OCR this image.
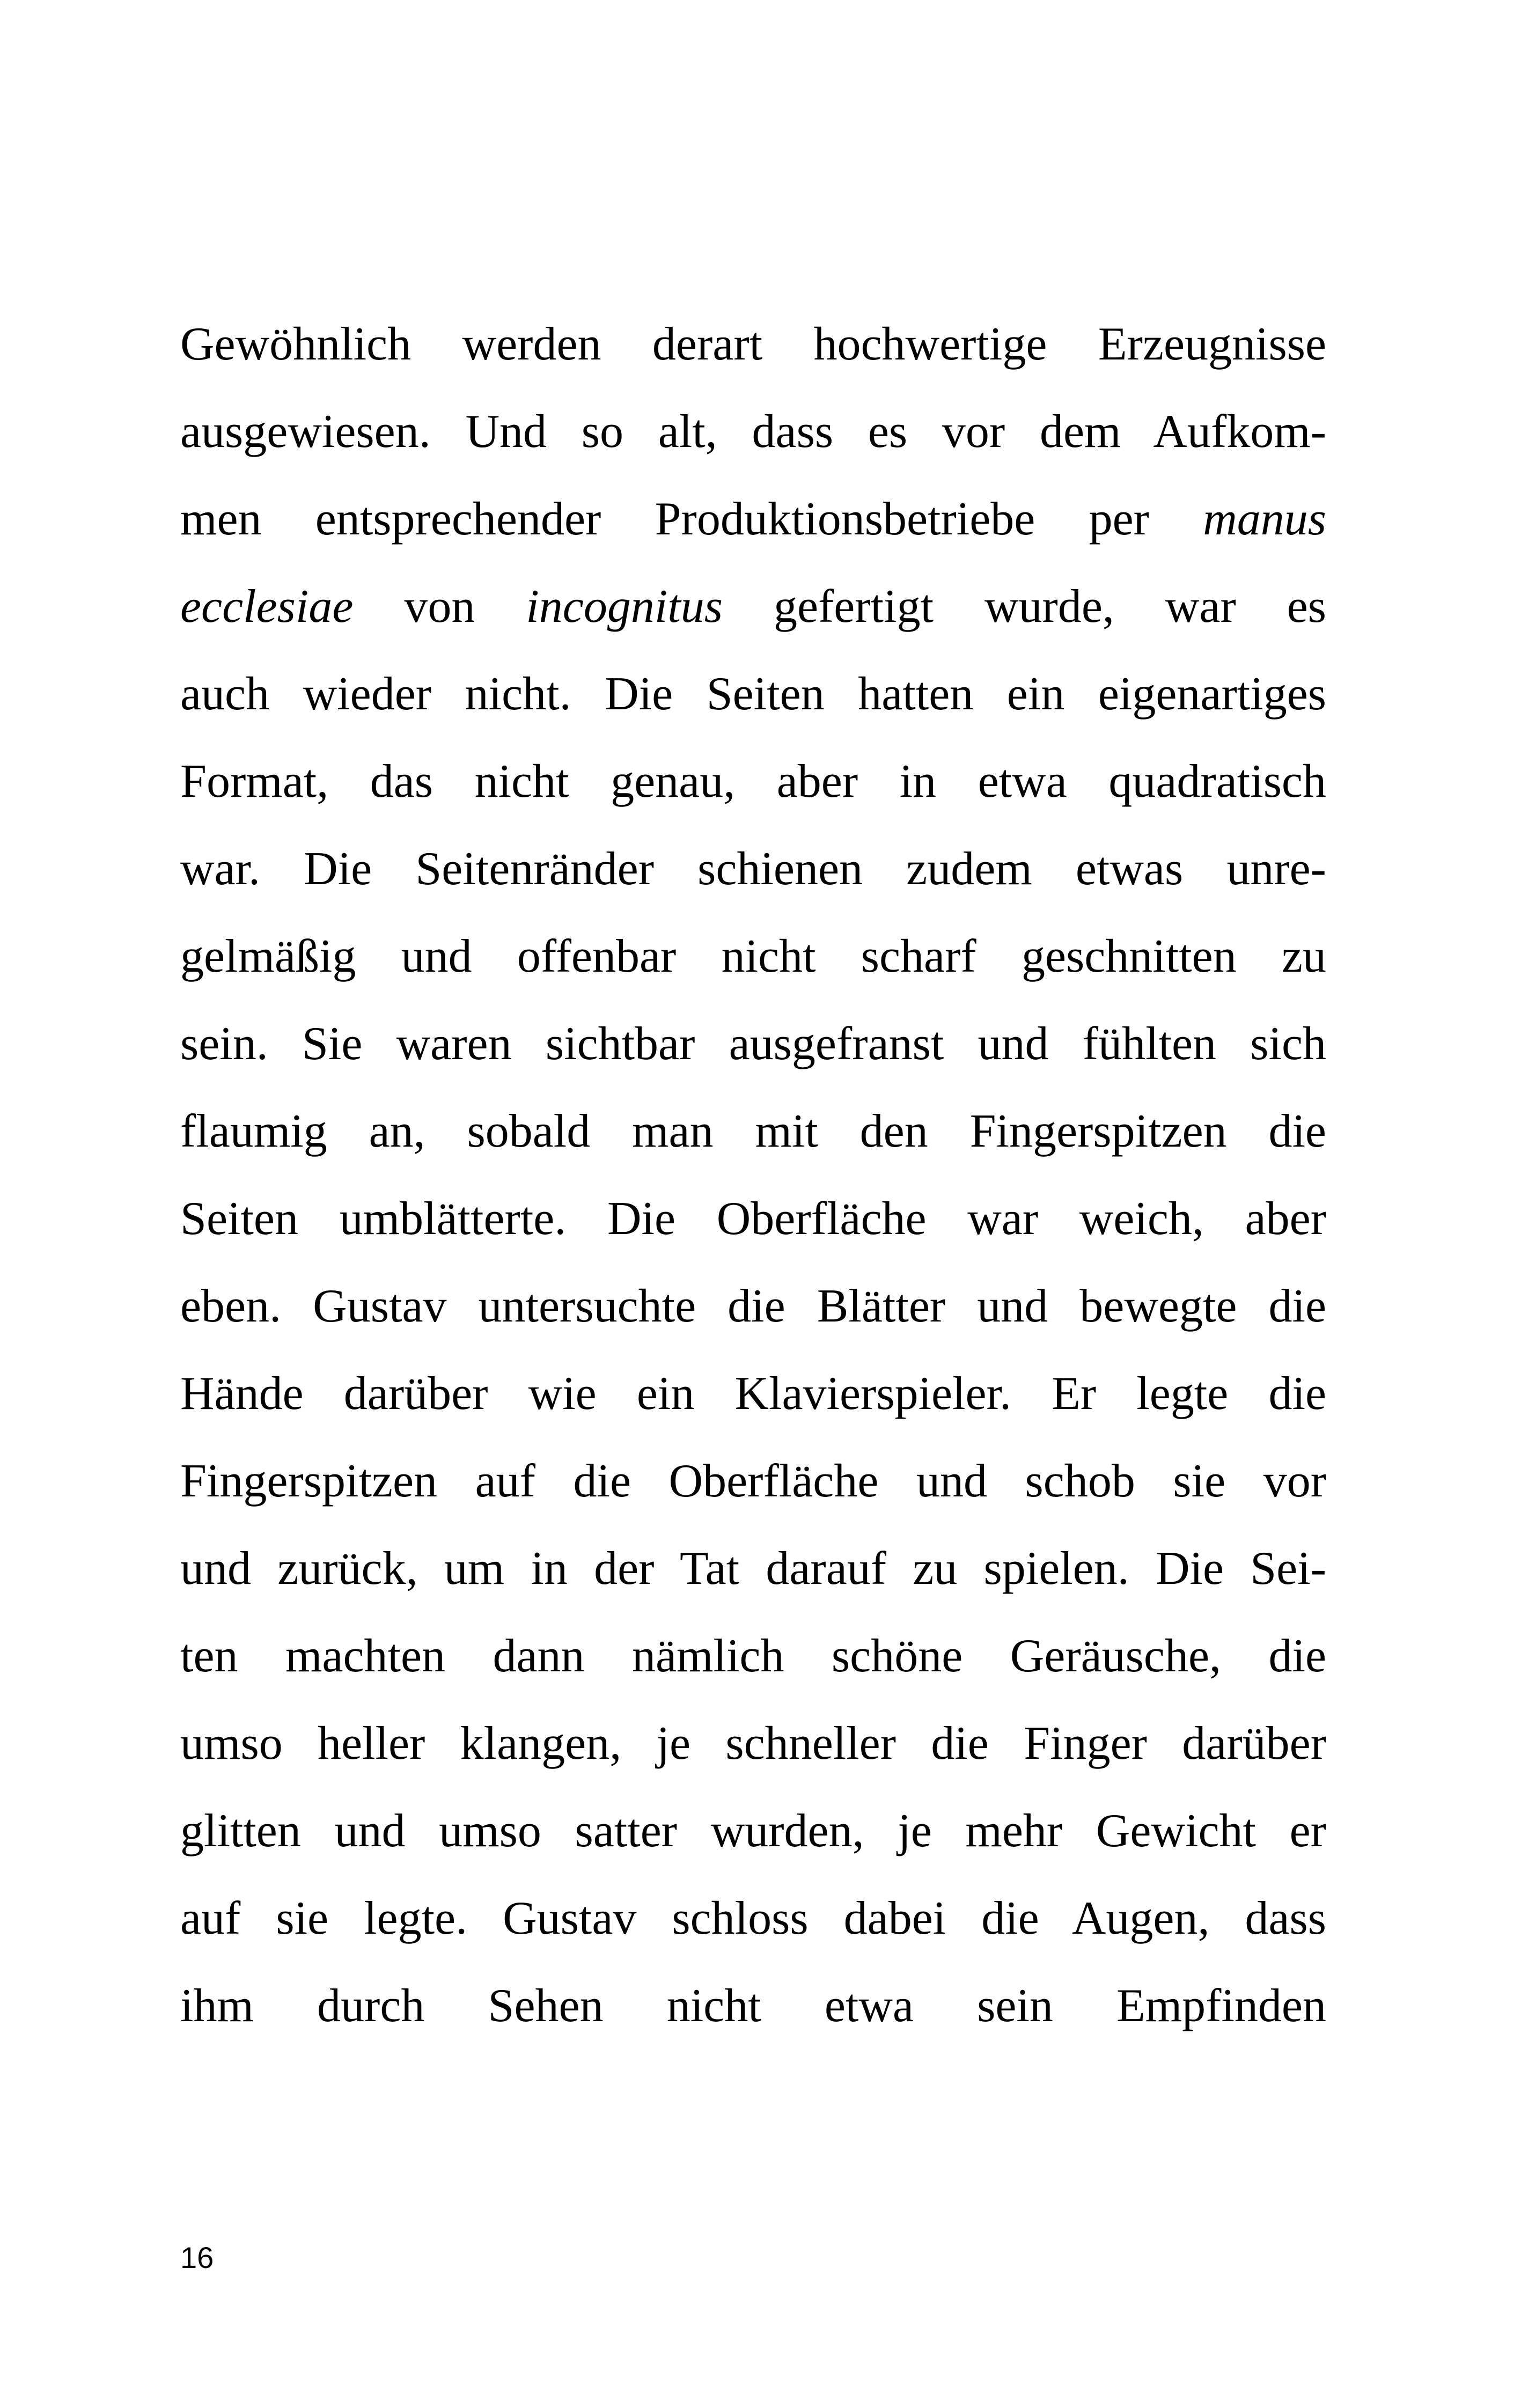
Gewöhnlich werden derart hochwertige Erzeugnisse
ausgewiesen. Und so alt, dass es vor dem Aufkom-
men entsprechender Produktionsbetriebe per manus
ecclesiae von incognitus gefertigt wurde, war es
auch wieder nicht. Die Seiten hatten ein eigenartiges
Format, das nicht genau, aber in etwa quadratisch
war. Die Seitenränder schienen zudem etwas unre-
gelmäßig und offenbar nicht scharf geschnitten zu
sein. Sie waren sichtbar ausgefranst und fühlten sich
flaumig an, sobald man mit den Fingerspitzen die
Seiten umblätterte. Die Oberfläche war weich, aber
eben. Gustav untersuchte die Blätter und bewegte die
Hände darüber wie ein Klavierspieler. Er legte die
Fingerspitzen auf die Oberfläche und schob sie vor
und zurück, um in der Tat darauf zu spielen. Die Sei-
ten machten dann nämlich schöne Geräusche, die
umso heller klangen, je schneller die Finger darüber
glitten und umso satter wurden, je mehr Gewicht er
auf sie legte. Gustav schloss dabei die Augen, dass
ihm durch Sehen nicht etwa sein Empfinden
16
